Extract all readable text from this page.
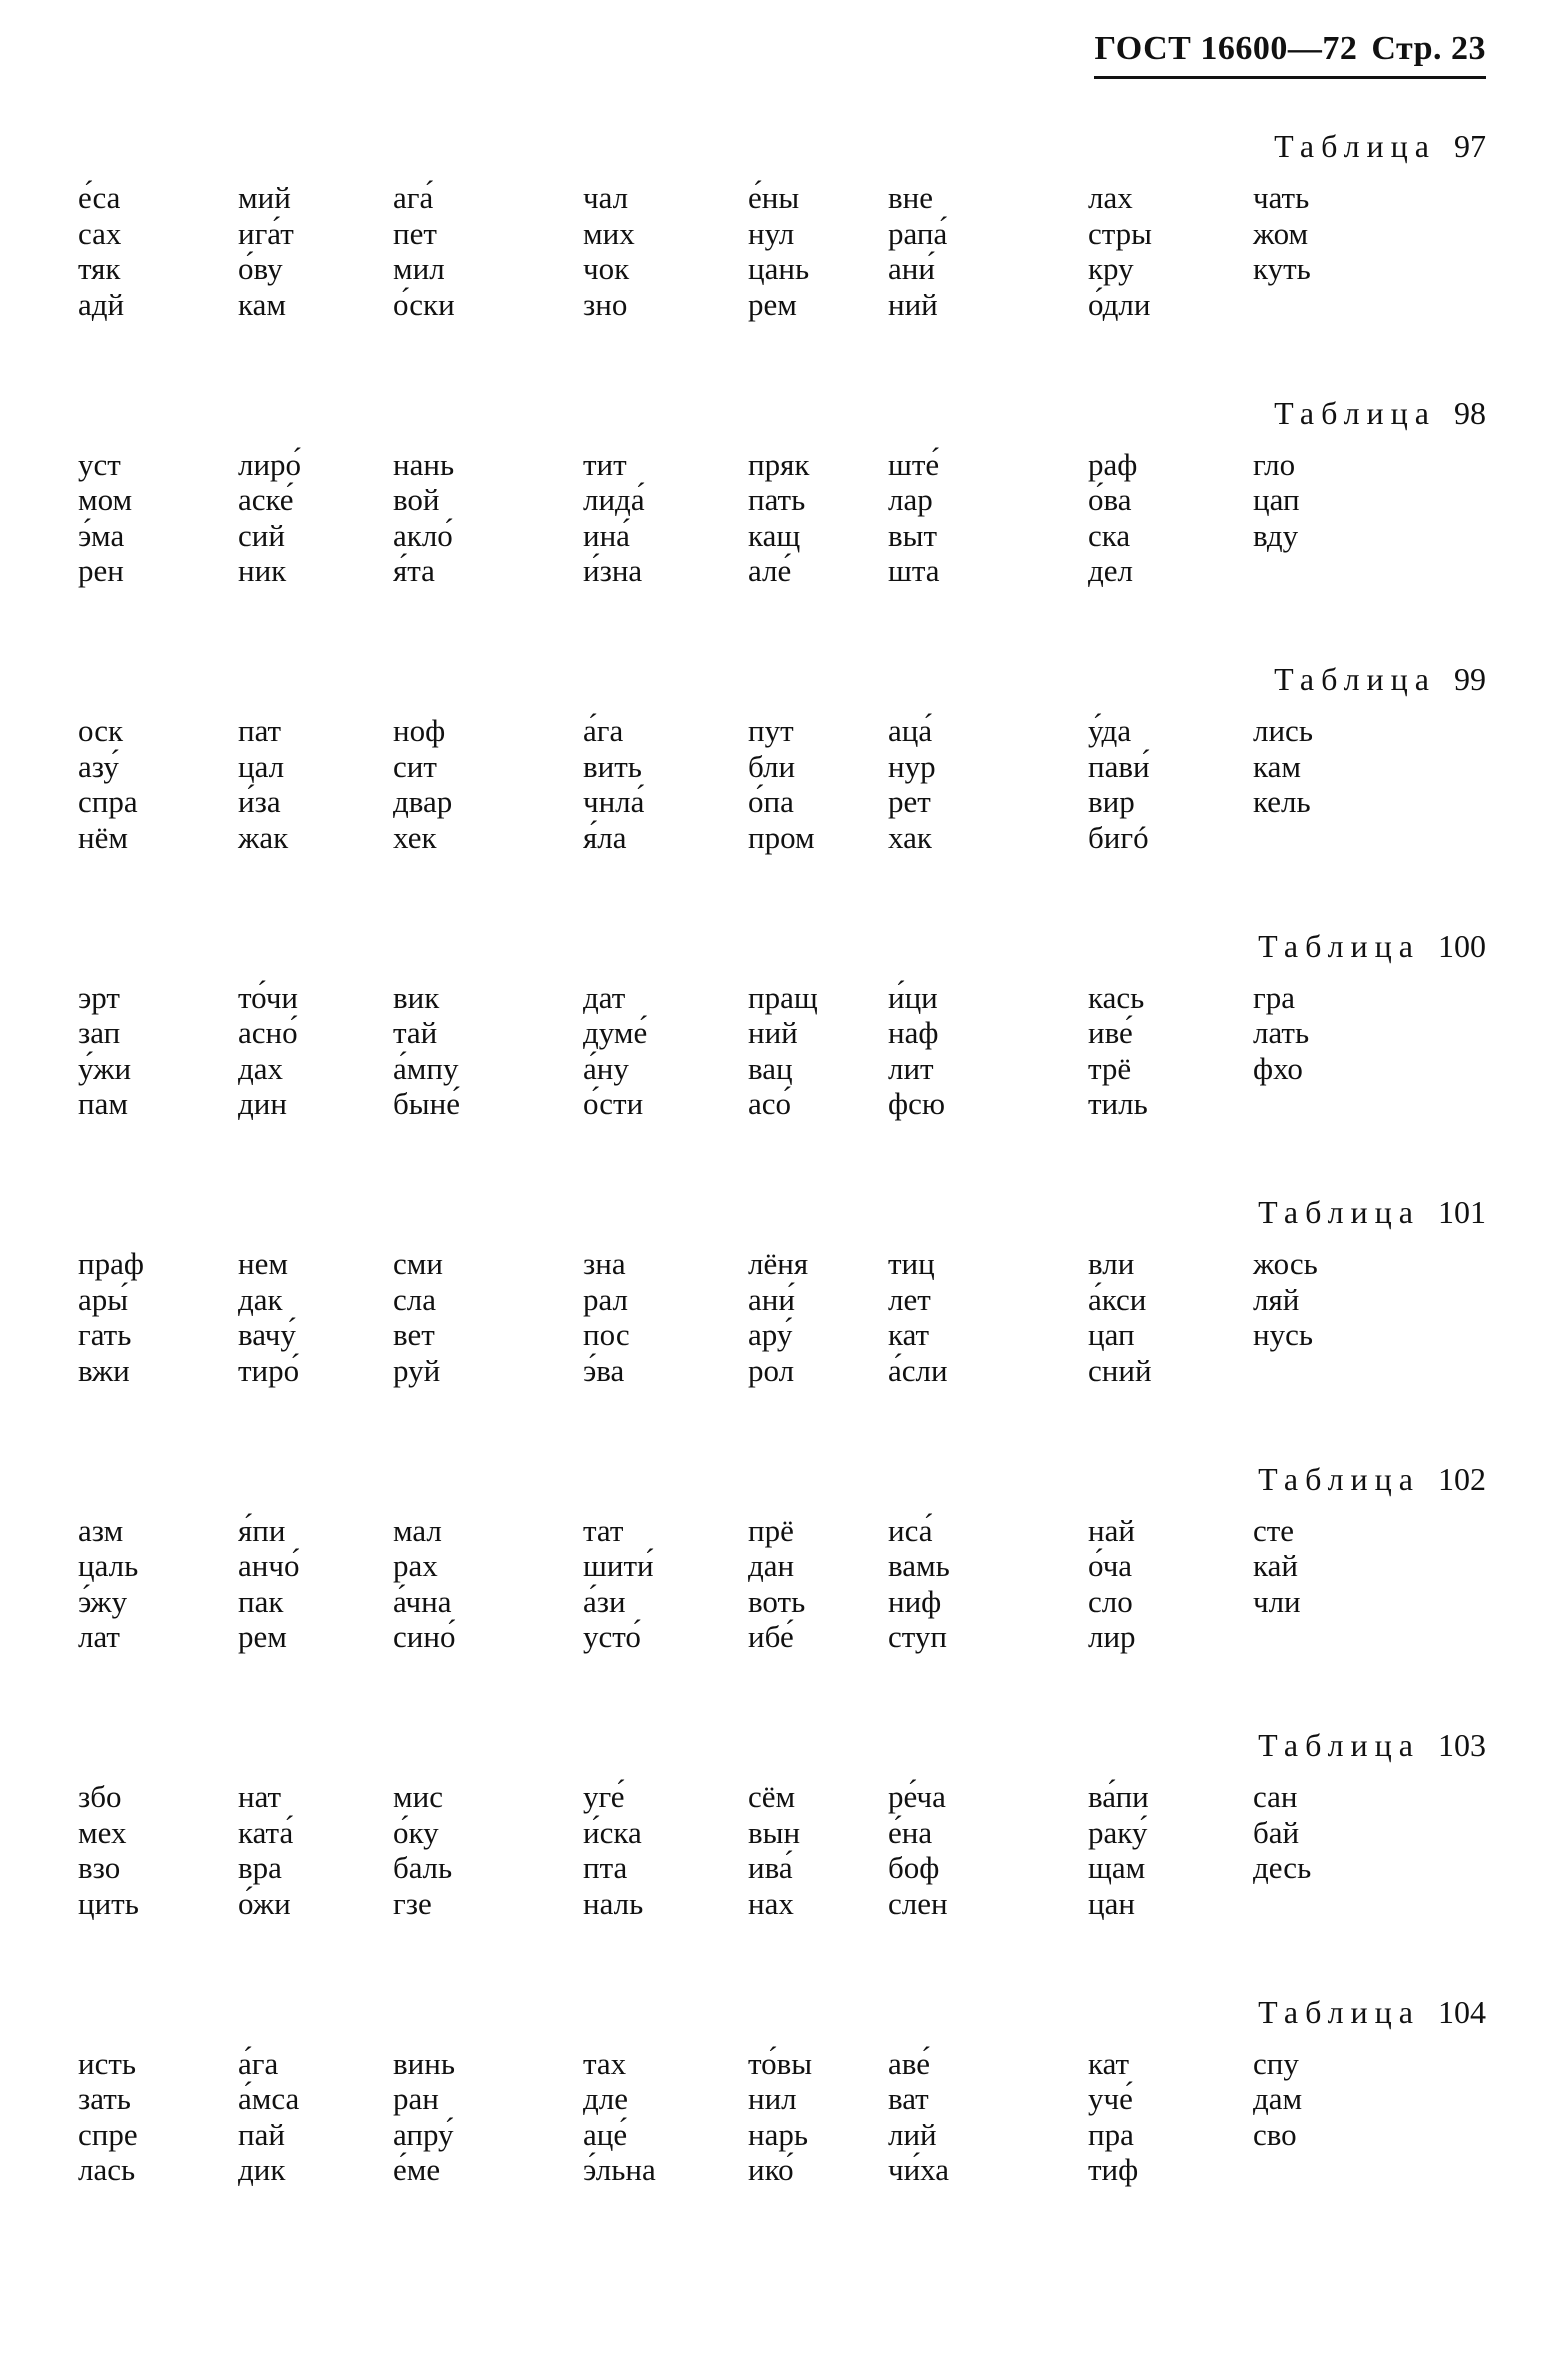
ГОСТ 16600—72 Стр. 23
Таблица 97
е́са	мий	ага́	чал	е́ны	вне	лах	чать
сах	ига́т	пет	мих	нул	рапа́	стры	жом
тяк	о́ву	мил	чок	цань	ани́	кру	куть
адй	кам	о́ски	зно	рем	ний	о́дли
Таблица 98
уст	лиро́	нань	тит	пряк	ште́	раф	гло
мом	аске́	вой	лида́	пать	лар	о́ва	цап
э́ма	сий	акло́	ина́	кащ	выт	ска	вду
рен	ник	я́та	и́зна	але́	шта	дел
Таблица 99
оск	пат	ноф	а́га	пут	аца́	у́да	лись
азу́	цал	сит	вить	бли	нур	пави́	кам
спра	и́за	двар	чнла́	о́па	рет	вир	кель
нём	жак	хек	я́ла	пром	хак	бигó
Таблица 100
эрт	то́чи	вик	дат	пращ	и́ци	кась	гра
зап	асно́	тай	думе́	ний	наф	иве́	лать
у́жи	дах	а́мпу	а́ну	вац	лит	трё	фхо
пам	дин	быне́	о́сти	асо́	фсю	тиль
Таблица 101
праф	нем	сми	зна	лёня	тиц	вли	жось
ары́	дак	сла	рал	ани́	лет	а́кси	ляй
гать	вачу́	вет	пос	ару́	кат	цап	нусь
вжи	тиро́	руй	э́ва	рол	а́сли	сний
Таблица 102
азм	я́пи	мал	тат	прё	иса́	най	сте
цаль	анчо́	рах	шити́	дан	вамь	о́ча	кай
э́жу	пак	а́чна	а́зи	воть	ниф	сло	чли
лат	рем	сино́	усто́	ибе́	ступ	лир
Таблица 103
збо	нат	мис	уге́	сём	ре́ча	ва́пи	сан
мех	ката́	о́ку	и́ска	вын	е́на	раку́	бай
взо	вра	бaль	пта	ива́	боф	щам	десь
цить	о́жи	гзе	наль	нах	слен	цан
Таблица 104
исть	а́га	винь	тах	то́вы	аве́	кат	спу
зать	а́мса	ран	дле	нил	ват	уче́	дам
спре	пай	апру́	аце́	нарь	лий	пра	сво
лась	дик	е́ме	э́льна	ико́	чи́ха	тиф
